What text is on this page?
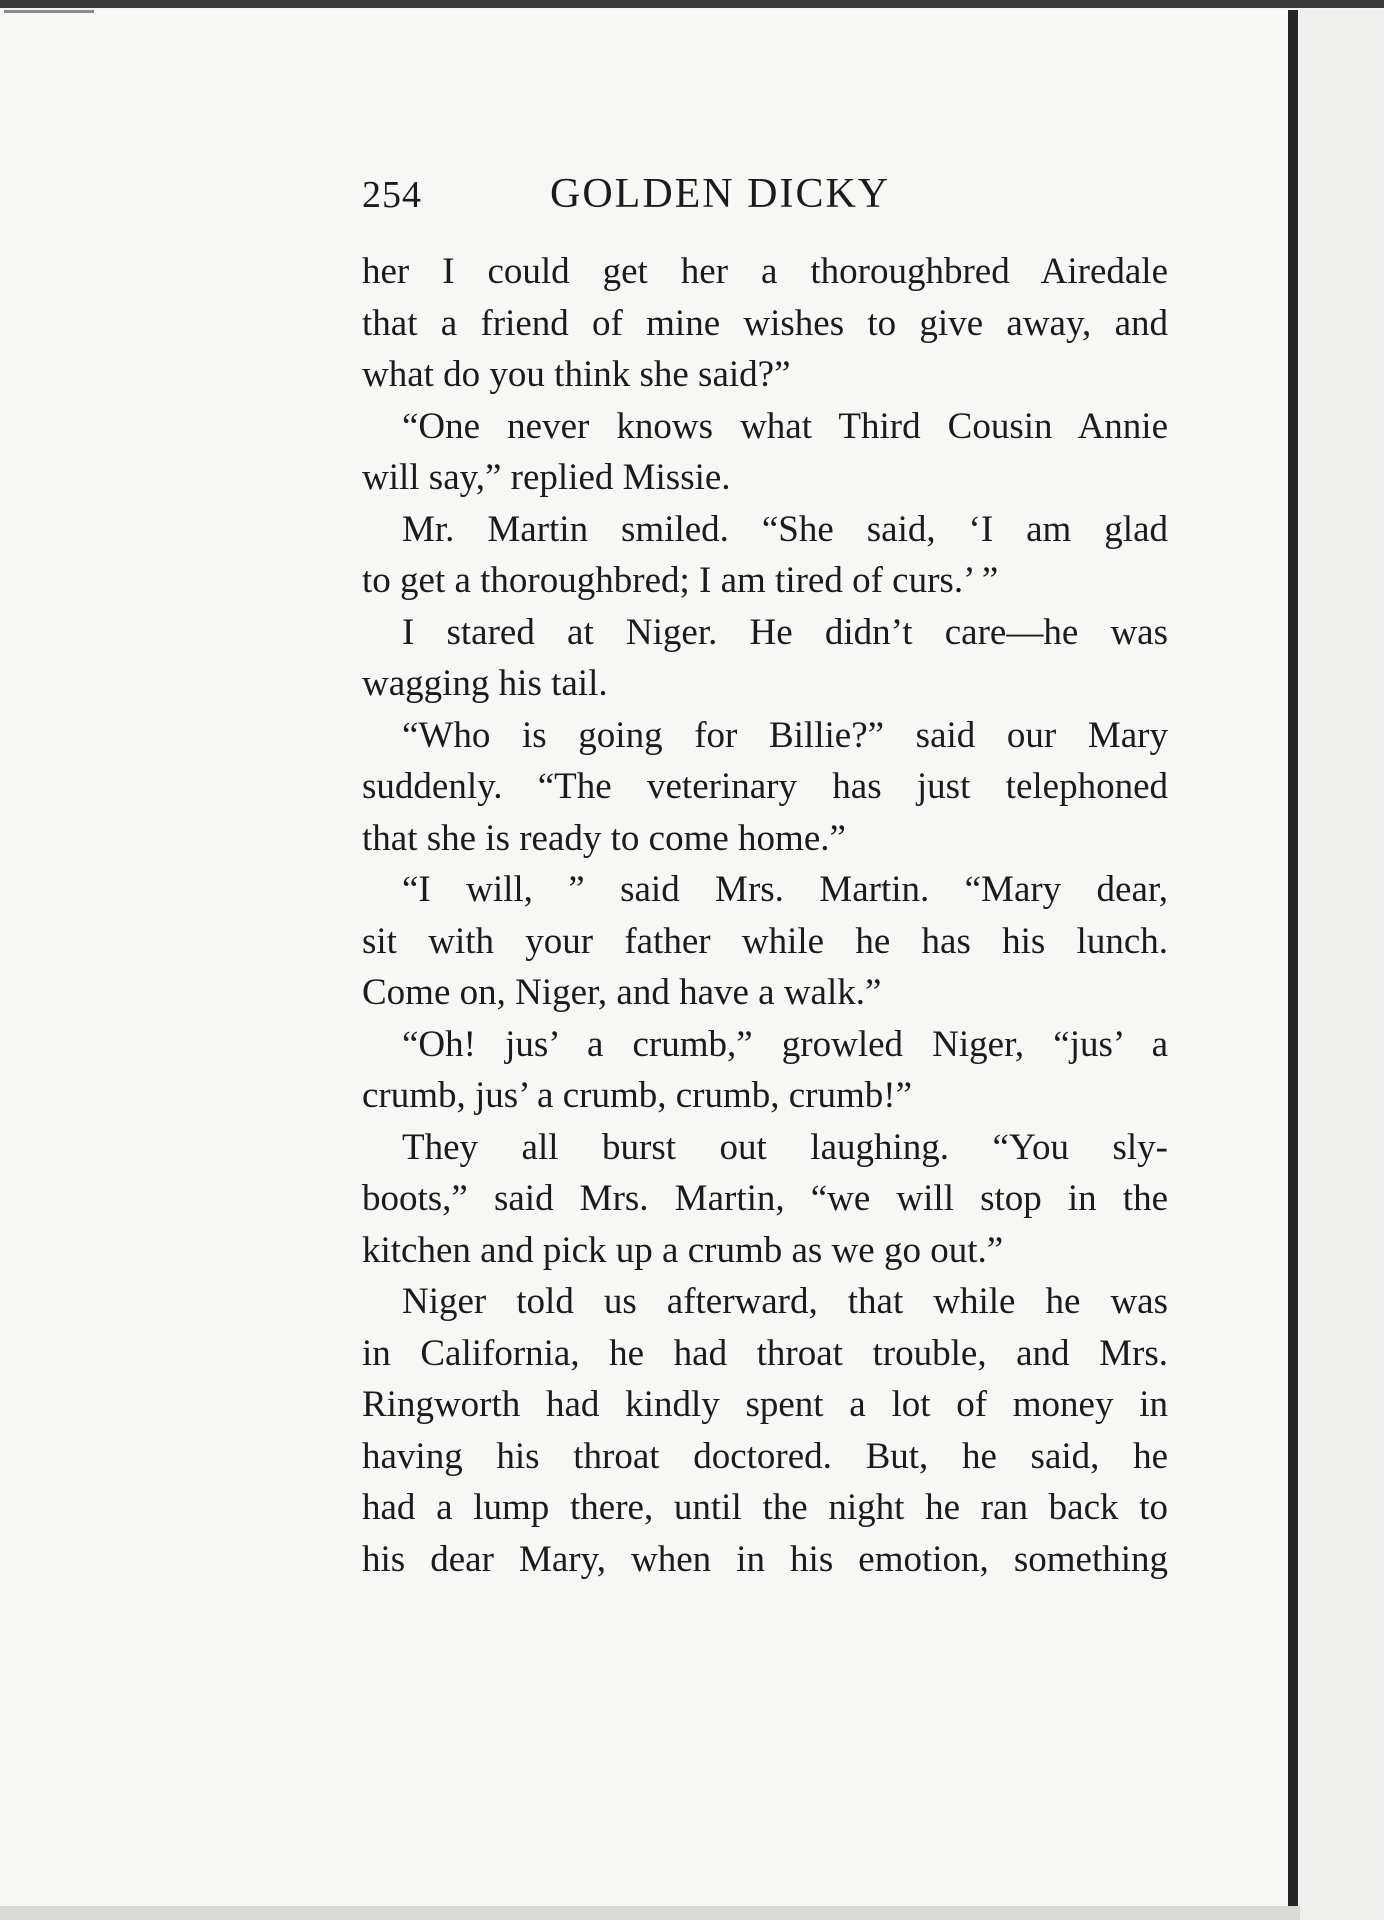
254	GOLDEN DICKY
her I could get her a thoroughbred Airedale
that a friend of mine wishes to give away, and
what do you think she said?”
“One never knows what Third Cousin Annie
will say,” replied Missie.
Mr. Martin smiled. “She said, ‘I am glad
to get a thoroughbred; I am tired of curs.’ ”
I stared at Niger. He didn’t care—he was
wagging his tail.
“Who is going for Billie?” said our Mary
suddenly. “The veterinary has just telephoned
that she is ready to come home.”
“I will, ” said Mrs. Martin. “Mary dear,
sit with your father while he has his lunch.
Come on, Niger, and have a walk.”
“Oh! jus’ a crumb,” growled Niger, “jus’ a
crumb, jus’ a crumb, crumb, crumb!”
They all burst out laughing. “You sly-
boots,” said Mrs. Martin, “we will stop in the
kitchen and pick up a crumb as we go out.”
Niger told us afterward, that while he was
in California, he had throat trouble, and Mrs.
Ringworth had kindly spent a lot of money in
having his throat doctored. But, he said, he
had a lump there, until the night he ran back to
his dear Mary, when in his emotion, something
